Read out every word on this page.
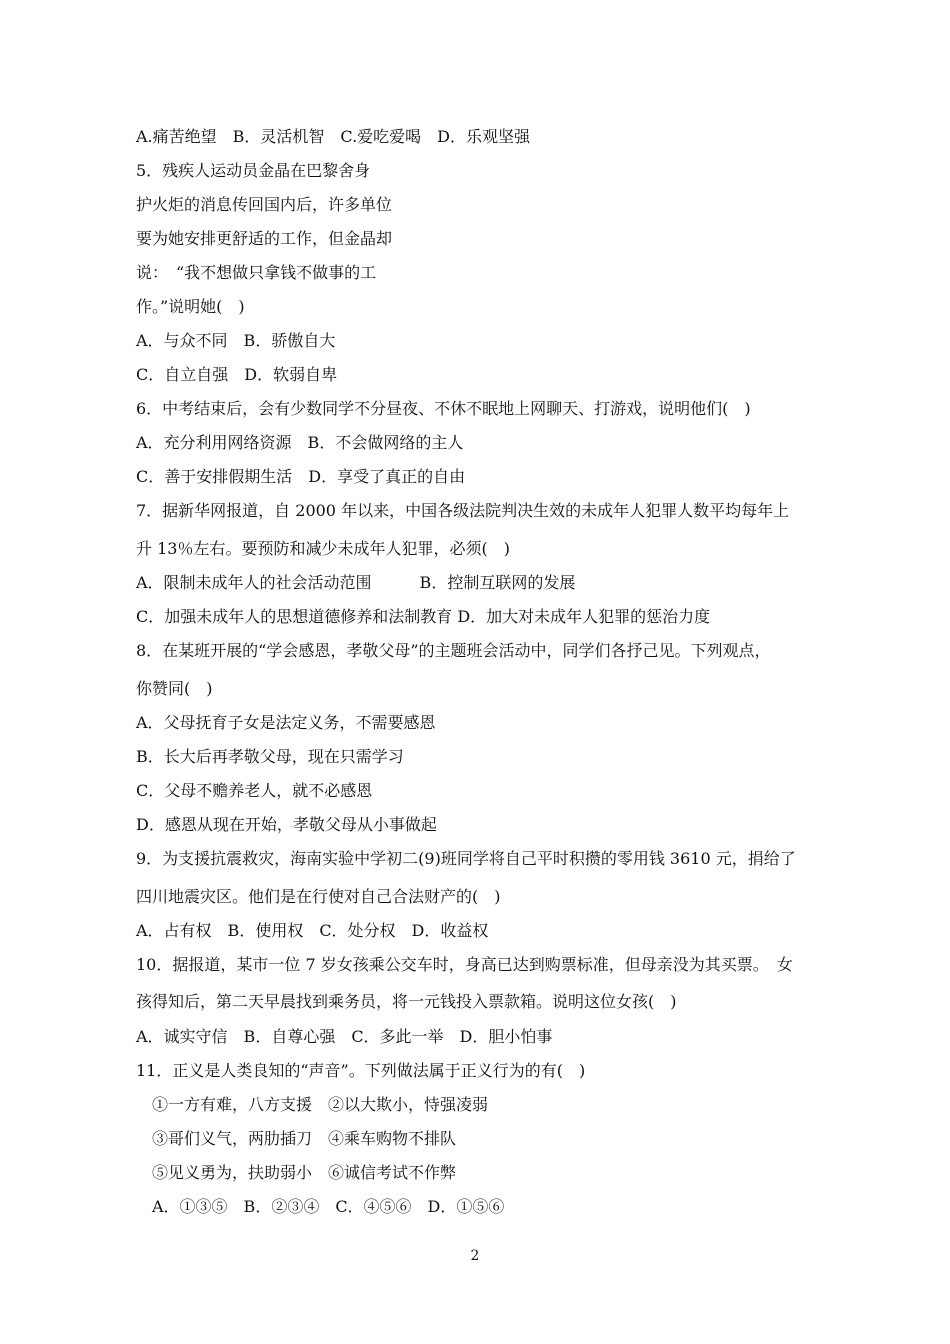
A.痛苦绝望　B．灵活机智　C.爱吃爱喝　D．乐观坚强
5．残疾人运动员金晶在巴黎舍身
护火炬的消息传回国内后，许多单位
要为她安排更舒适的工作，但金晶却
说：　“我不想做只拿钱不做事的工
作。”说明她(　)
A．与众不同　B．骄傲自大
C．自立自强　D．软弱自卑
6．中考结束后，会有少数同学不分昼夜、不休不眠地上网聊天、打游戏，说明他们(　)
A．充分利用网络资源　B．不会做网络的主人
C．善于安排假期生活　D．享受了真正的自由
7．据新华网报道，自 2000 年以来，中国各级法院判决生效的未成年人犯罪人数平均每年上
升 13％左右。要预防和减少未成年人犯罪，必须(　)
A．限制未成年人的社会活动范围　　　B．控制互联网的发展
C．加强未成年人的思想道德修养和法制教育 D．加大对未成年人犯罪的惩治力度
8．在某班开展的“学会感恩，孝敬父母”的主题班会活动中，同学们各抒己见。下列观点，
你赞同(　)
A．父母抚育子女是法定义务，不需要感恩
B．长大后再孝敬父母，现在只需学习
C．父母不赡养老人，就不必感恩
D．感恩从现在开始，孝敬父母从小事做起
9．为支援抗震救灾，海南实验中学初二(9)班同学将自己平时积攒的零用钱 3610 元，捐给了
四川地震灾区。他们是在行使对自己合法财产的(　)
A．占有权　B．使用权　C．处分权　D．收益权
10．据报道，某市一位 7 岁女孩乘公交车时，身高已达到购票标准，但母亲没为其买票。　女
孩得知后，第二天早晨找到乘务员，将一元钱投入票款箱。说明这位女孩(　)
A．诚实守信　B．自尊心强　C．多此一举　D．胆小怕事
11．正义是人类良知的“声音”。下列做法属于正义行为的有(　)
①一方有难，八方支援　②以大欺小，恃强凌弱
③哥们义气，两肋插刀　④乘车购物不排队
⑤见义勇为，扶助弱小　⑥诚信考试不作弊
A．①③⑤　B．②③④　C．④⑤⑥　D．①⑤⑥
2
